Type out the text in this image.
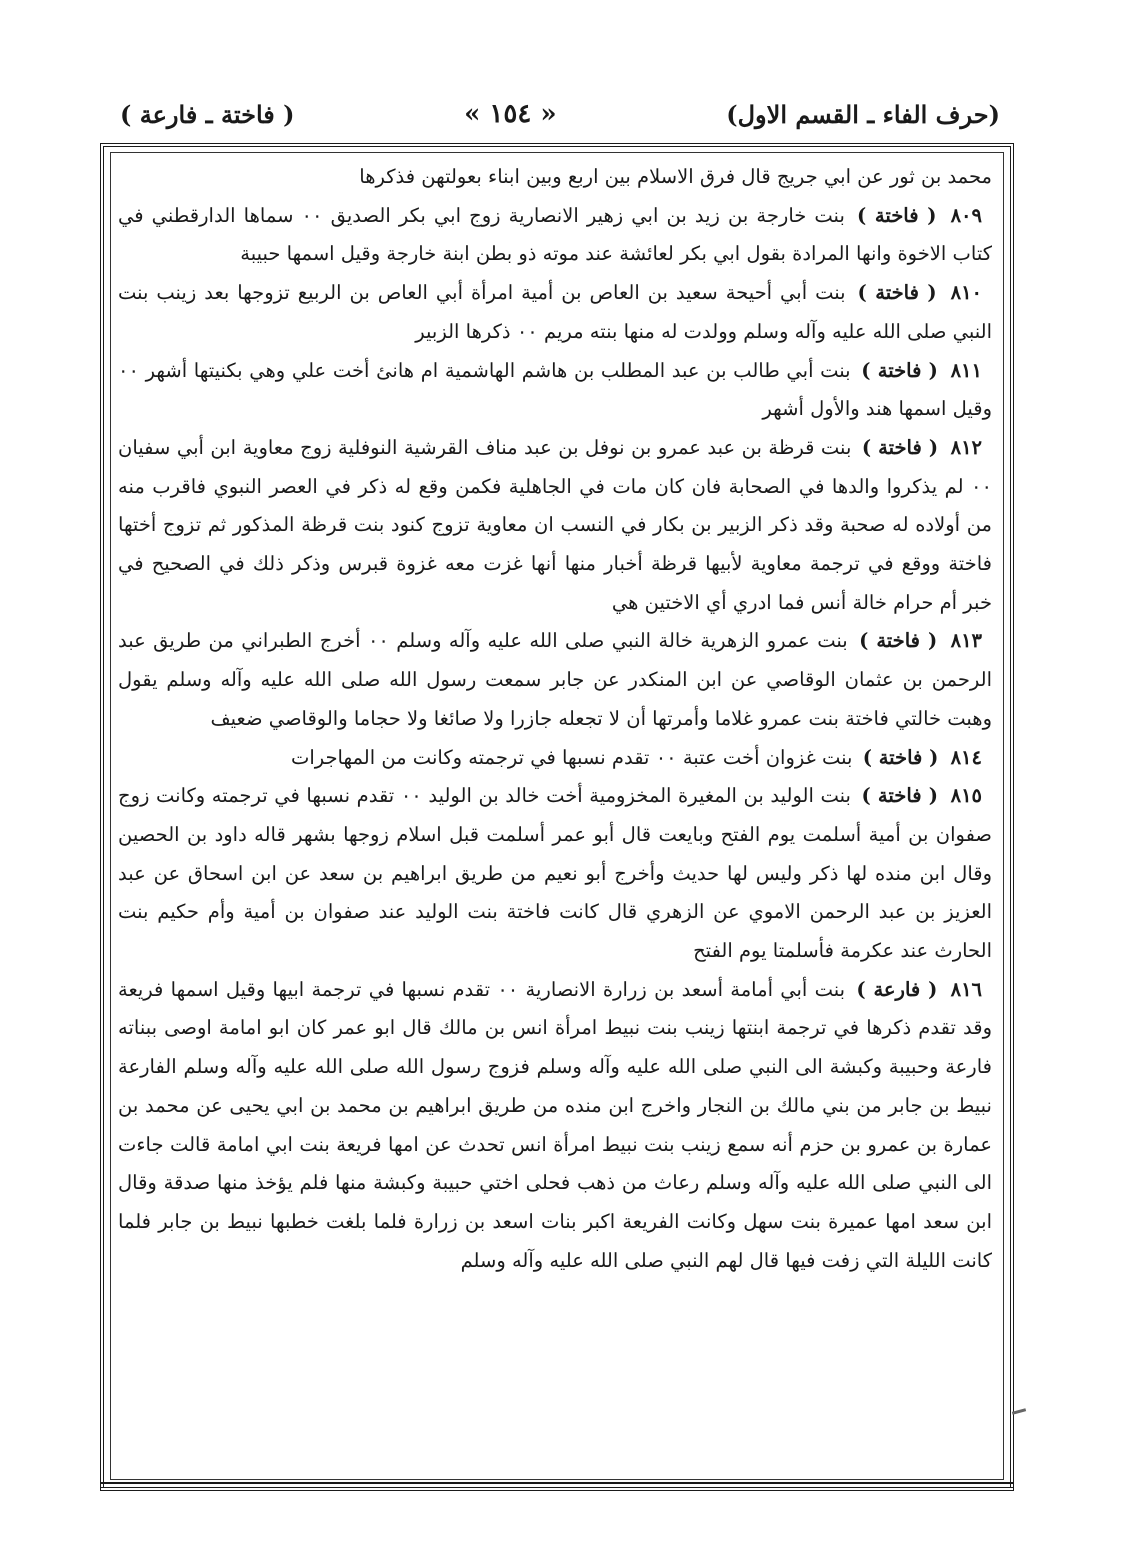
(حرف الفاء ـ القسم الاول)
« ١٥٤ »
( فاختة ـ فارعة )

محمد بن ثور عن ابي جريج قال فرق الاسلام بين اربع وبين ابناء بعولتهن فذكرها

٨٠٩ ( فاختة ) بنت خارجة بن زيد بن ابي زهير الانصارية زوج ابي بكر الصديق ٠٠ سماها الدارقطني في كتاب الاخوة وانها المرادة بقول ابي بكر لعائشة عند موته ذو بطن ابنة خارجة وقيل اسمها حبيبة

٨١٠ ( فاختة ) بنت أبي أحيحة سعيد بن العاص بن أمية امرأة أبي العاص بن الربيع تزوجها بعد زينب بنت النبي صلى الله عليه وآله وسلم وولدت له منها بنته مريم ٠٠ ذكرها الزبير

٨١١ ( فاختة ) بنت أبي طالب بن عبد المطلب بن هاشم الهاشمية ام هانئ أخت علي وهي بكنيتها أشهر ٠٠ وقيل اسمها هند والأول أشهر

٨١٢ ( فاختة ) بنت قرظة بن عبد عمرو بن نوفل بن عبد مناف القرشية النوفلية زوج معاوية ابن أبي سفيان ٠٠ لم يذكروا والدها في الصحابة فان كان مات في الجاهلية فكمن وقع له ذكر في العصر النبوي فاقرب منه من أولاده له صحبة وقد ذكر الزبير بن بكار في النسب ان معاوية تزوج كنود بنت قرظة المذكور ثم تزوج أختها فاختة ووقع في ترجمة معاوية لأبيها قرظة أخبار منها أنها غزت معه غزوة قبرس وذكر ذلك في الصحيح في خبر أم حرام خالة أنس فما ادري أي الاختين هي

٨١٣ ( فاختة ) بنت عمرو الزهرية خالة النبي صلى الله عليه وآله وسلم ٠٠ أخرج الطبراني من طريق عبد الرحمن بن عثمان الوقاصي عن ابن المنكدر عن جابر سمعت رسول الله صلى الله عليه وآله وسلم يقول وهبت خالتي فاختة بنت عمرو غلاما وأمرتها أن لا تجعله جازرا ولا صائغا ولا حجاما والوقاصي ضعيف

٨١٤ ( فاختة ) بنت غزوان أخت عتبة ٠٠ تقدم نسبها في ترجمته وكانت من المهاجرات

٨١٥ ( فاختة ) بنت الوليد بن المغيرة المخزومية أخت خالد بن الوليد ٠٠ تقدم نسبها في ترجمته وكانت زوج صفوان بن أمية أسلمت يوم الفتح وبايعت قال أبو عمر أسلمت قبل اسلام زوجها بشهر قاله داود بن الحصين وقال ابن منده لها ذكر وليس لها حديث وأخرج أبو نعيم من طريق ابراهيم بن سعد عن ابن اسحاق عن عبد العزيز بن عبد الرحمن الاموي عن الزهري قال كانت فاختة بنت الوليد عند صفوان بن أمية وأم حكيم بنت الحارث عند عكرمة فأسلمتا يوم الفتح

٨١٦ ( فارعة ) بنت أبي أمامة أسعد بن زرارة الانصارية ٠٠ تقدم نسبها في ترجمة ابيها وقيل اسمها فريعة وقد تقدم ذكرها في ترجمة ابنتها زينب بنت نبيط امرأة انس بن مالك قال ابو عمر كان ابو امامة اوصى ببناته فارعة وحبيبة وكبشة الى النبي صلى الله عليه وآله وسلم فزوج رسول الله صلى الله عليه وآله وسلم الفارعة نبيط بن جابر من بني مالك بن النجار واخرج ابن منده من طريق ابراهيم بن محمد بن ابي يحيى عن محمد بن عمارة بن عمرو بن حزم أنه سمع زينب بنت نبيط امرأة انس تحدث عن امها فريعة بنت ابي امامة قالت جاءت الى النبي صلى الله عليه وآله وسلم رعاث من ذهب فحلى اختي حبيبة وكبشة منها فلم يؤخذ منها صدقة وقال ابن سعد امها عميرة بنت سهل وكانت الفريعة اكبر بنات اسعد بن زرارة فلما بلغت خطبها نبيط بن جابر فلما كانت الليلة التي زفت فيها قال لهم النبي صلى الله عليه وآله وسلم
